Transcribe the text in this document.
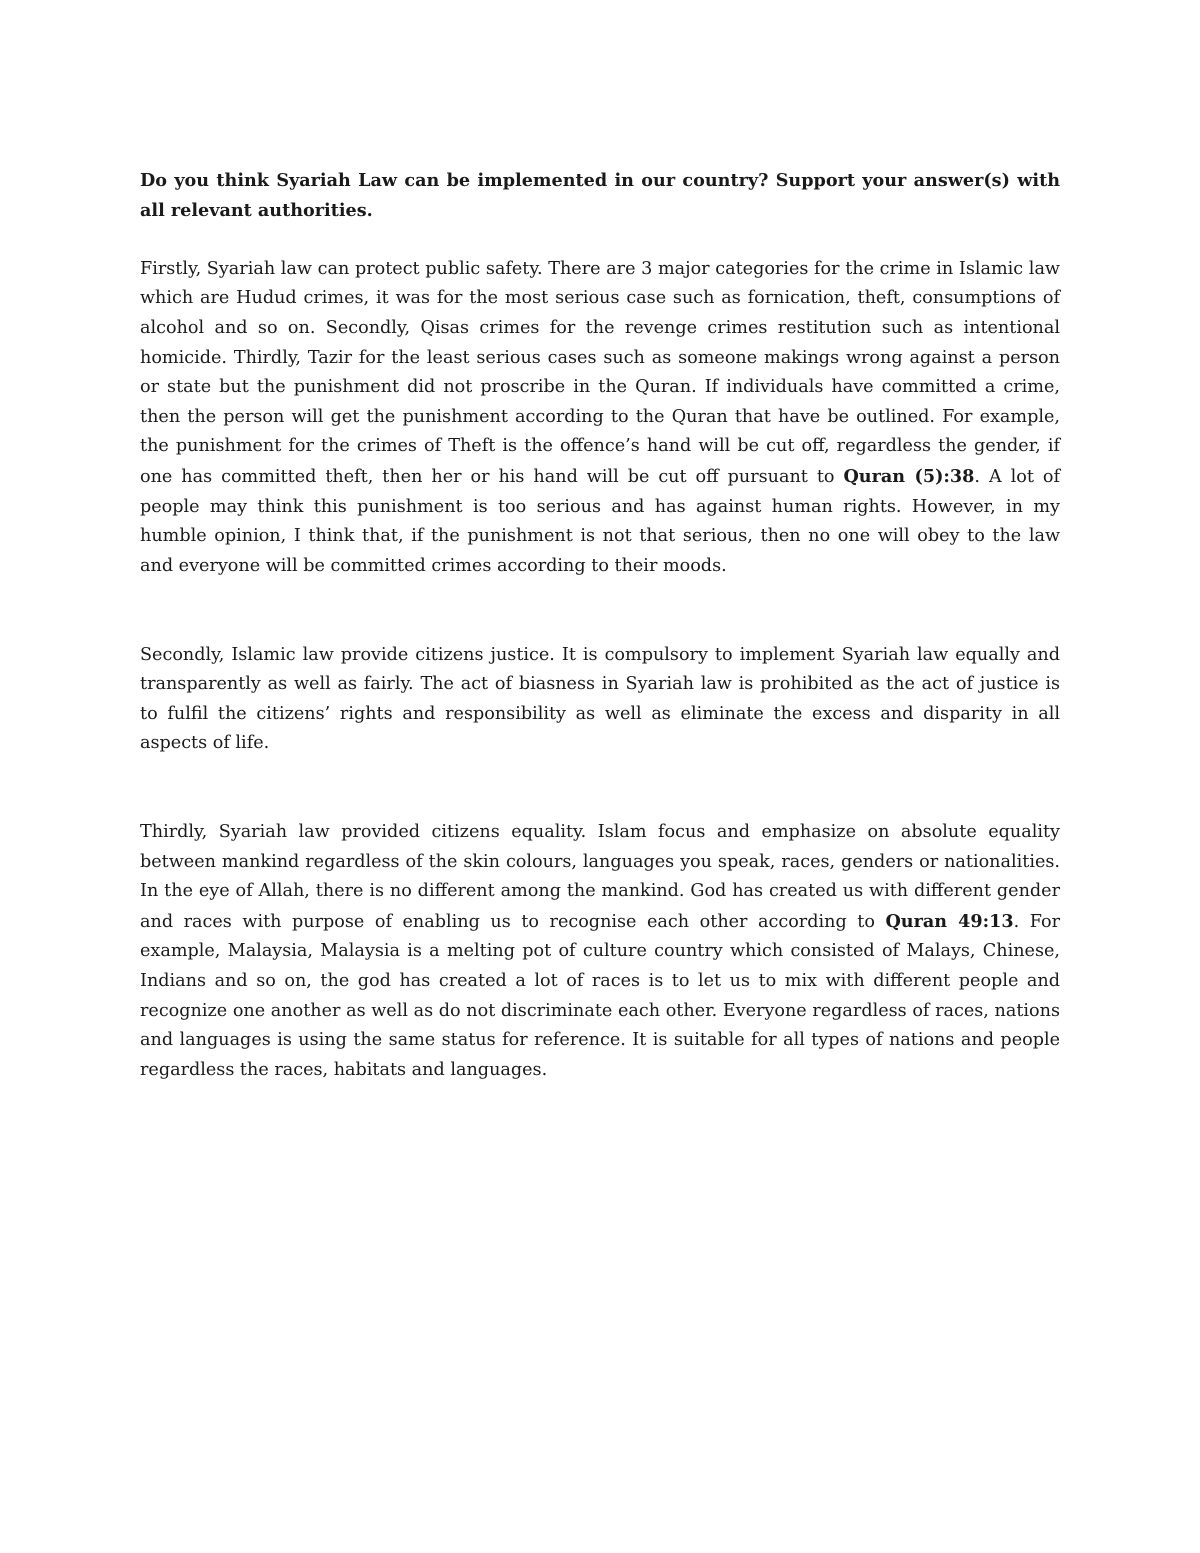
Do you think Syariah Law can be implemented in our country? Support your answer(s) with all relevant authorities.

Firstly, Syariah law can protect public safety. There are 3 major categories for the crime in Islamic law which are Hudud crimes, it was for the most serious case such as fornication, theft, consumptions of alcohol and so on. Secondly, Qisas crimes for the revenge crimes restitution such as intentional homicide. Thirdly, Tazir for the least serious cases such as someone makings wrong against a person or state but the punishment did not proscribe in the Quran. If individuals have committed a crime, then the person will get the punishment according to the Quran that have be outlined. For example, the punishment for the crimes of Theft is the offence’s hand will be cut off, regardless the gender, if one has committed theft, then her or his hand will be cut off pursuant to Quran (5):38. A lot of people may think this punishment is too serious and has against human rights. However, in my humble opinion, I think that, if the punishment is not that serious, then no one will obey to the law and everyone will be committed crimes according to their moods.

Secondly, Islamic law provide citizens justice. It is compulsory to implement Syariah law equally and transparently as well as fairly. The act of biasness in Syariah law is prohibited as the act of justice is to fulfil the citizens’ rights and responsibility as well as eliminate the excess and disparity in all aspects of life.

Thirdly, Syariah law provided citizens equality. Islam focus and emphasize on absolute equality between mankind regardless of the skin colours, languages you speak, races, genders or nationalities. In the eye of Allah, there is no different among the mankind. God has created us with different gender and races with purpose of enabling us to recognise each other according to Quran 49:13. For example, Malaysia, Malaysia is a melting pot of culture country which consisted of Malays, Chinese, Indians and so on, the god has created a lot of races is to let us to mix with different people and recognize one another as well as do not discriminate each other. Everyone regardless of races, nations and languages is using the same status for reference. It is suitable for all types of nations and people regardless the races, habitats and languages.
